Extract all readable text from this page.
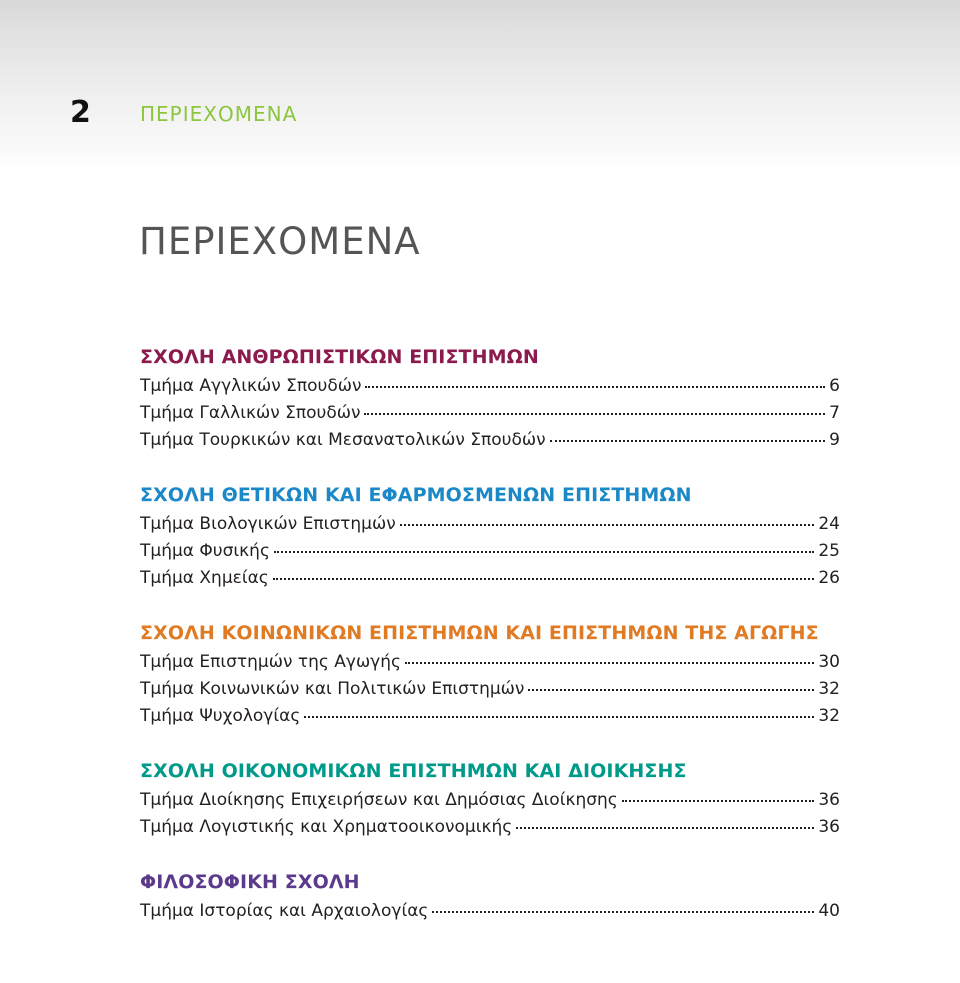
2 ΠΕΡΙΕΧΟΜΕΝΑ
ΠΕΡΙΕΧΟΜΕΝΑ
ΣΧΟΛΗ ΑΝΘΡΩΠΙΣΤΙΚΩΝ ΕΠΙΣΤΗΜΩΝ
Τμήμα Αγγλικών Σπουδών	6
Τμήμα Γαλλικών Σπουδών	7
Τμήμα Τουρκικών και Μεσανατολικών Σπουδών	9
ΣΧΟΛΗ ΘΕΤΙΚΩΝ ΚΑΙ ΕΦΑΡΜΟΣΜΕΝΩΝ ΕΠΙΣΤΗΜΩΝ
Τμήμα Βιολογικών Επιστημών	24
Τμήμα Φυσικής	25
Τμήμα Χημείας	26
ΣΧΟΛΗ ΚΟΙΝΩΝΙΚΩΝ ΕΠΙΣΤΗΜΩΝ ΚΑΙ ΕΠΙΣΤΗΜΩΝ ΤΗΣ ΑΓΩΓΗΣ
Τμήμα Επιστημών της Αγωγής	30
Τμήμα Κοινωνικών και Πολιτικών Επιστημών	32
Τμήμα Ψυχολογίας	32
ΣΧΟΛΗ ΟΙΚΟΝΟΜΙΚΩΝ ΕΠΙΣΤΗΜΩΝ ΚΑΙ ΔΙΟΙΚΗΣΗΣ
Τμήμα Διοίκησης Επιχειρήσεων και Δημόσιας Διοίκησης	36
Τμήμα Λογιστικής και Χρηματοοικονομικής	36
ΦΙΛΟΣΟΦΙΚΗ ΣΧΟΛΗ
Τμήμα Ιστορίας και Αρχαιολογίας	40
